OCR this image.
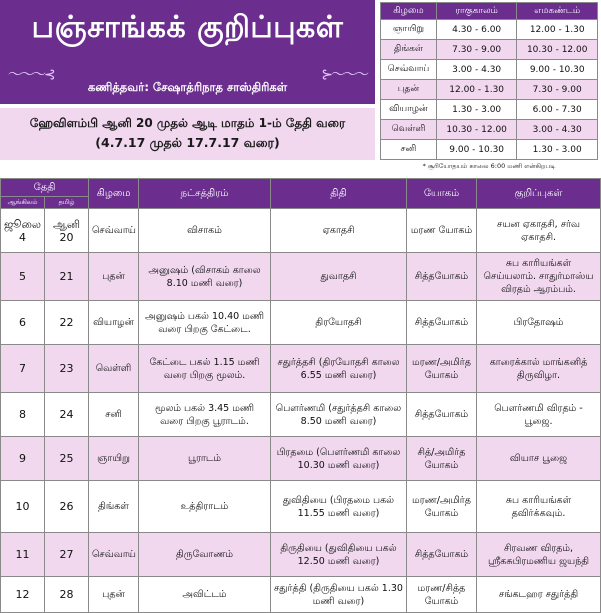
பஞ்சாங்கக் குறிப்புகள்
〜〜〜⊰	⊱〜〜〜
கணித்தவர்: சேஷாத்ரிநாத சாஸ்திரிகள்
ஹேவிளம்பி ஆனி 20 முதல் ஆடி மாதம் 1-ம் தேதி வரை
(4.7.17 முதல் 17.7.17 வரை)
கிழமை	ராகுகாலம்	எமகண்டம்
ஞாயிறு	4.30 - 6.00	12.00 - 1.30
திங்கள்	7.30 - 9.00	10.30 - 12.00
செவ்வாய்	3.00 - 4.30	9.00 - 10.30
புதன்	12.00 - 1.30	7.30 - 9.00
வியாழன்	1.30 - 3.00	6.00 - 7.30
வெள்ளி	10.30 - 12.00	3.00 - 4.30
சனி	9.00 - 10.30	1.30 - 3.00
* சூரியோதயம் காலை 6:00 மணி என்கிறபடி
தேதி		கிழமை	நட்சத்திரம்	திதி	யோகம்	குறிப்புகள்
ஆங்கிலம்	தமிழ்					
ஜூலை 4	ஆனி 20	செவ்வாய்	விசாகம்	ஏகாதசி	மரண யோகம்	சயன ஏகாதசி, சர்வ ஏகாதசி.
5	21	புதன்	அனுஷம் (விசாகம் காலை 8.10 மணி வரை)	துவாதசி	சித்தயோகம்	சுப காரியங்கள் செய்யலாம். சாதுர்மாஸ்ய விரதம் ஆரம்பம்.
6	22	வியாழன்	அனுஷம் பகல் 10.40 மணி வரை பிறகு கேட்டை.	திரயோதசி	சித்தயோகம்	பிரதோஷம்
7	23	வெள்ளி	கேட்டை பகல் 1.15 மணி வரை பிறகு மூலம்.	சதுர்த்தசி (திரயோதசி காலை 6.55 மணி வரை)	மரண/அமிர்த யோகம்	காரைக்கால் மாங்கனித் திருவிழா.
8	24	சனி	மூலம் பகல் 3.45 மணி வரை பிறகு பூராடம்.	பௌர்ணமி (சதுர்த்தசி காலை 8.50 மணி வரை)	சித்தயோகம்	பௌர்ணமி விரதம் - பூஜை.
9	25	ஞாயிறு	பூராடம்	பிரதமை (பௌர்ணமி காலை 10.30 மணி வரை)	சித்/அமிர்த யோகம்	வியாச பூஜை
10	26	திங்கள்	உத்திராடம்	துவிதியை (பிரதமை பகல் 11.55 மணி வரை)	மரண/அமிர்த யோகம்	சுப காரியங்கள் தவிர்க்கவும்.
11	27	செவ்வாய்	திருவோணம்	திருதியை (துவிதியை பகல் 12.50 மணி வரை)	சித்தயோகம்	சிரவண விரதம், ஸ்ரீகசுபிரமணிய ஜயந்தி
12	28	புதன்	அவிட்டம்	சதுர்த்தி (திருதியை பகல் 1.30 மணி வரை)	மரண/சித்த யோகம்	சங்கடஹர சதுர்த்தி
